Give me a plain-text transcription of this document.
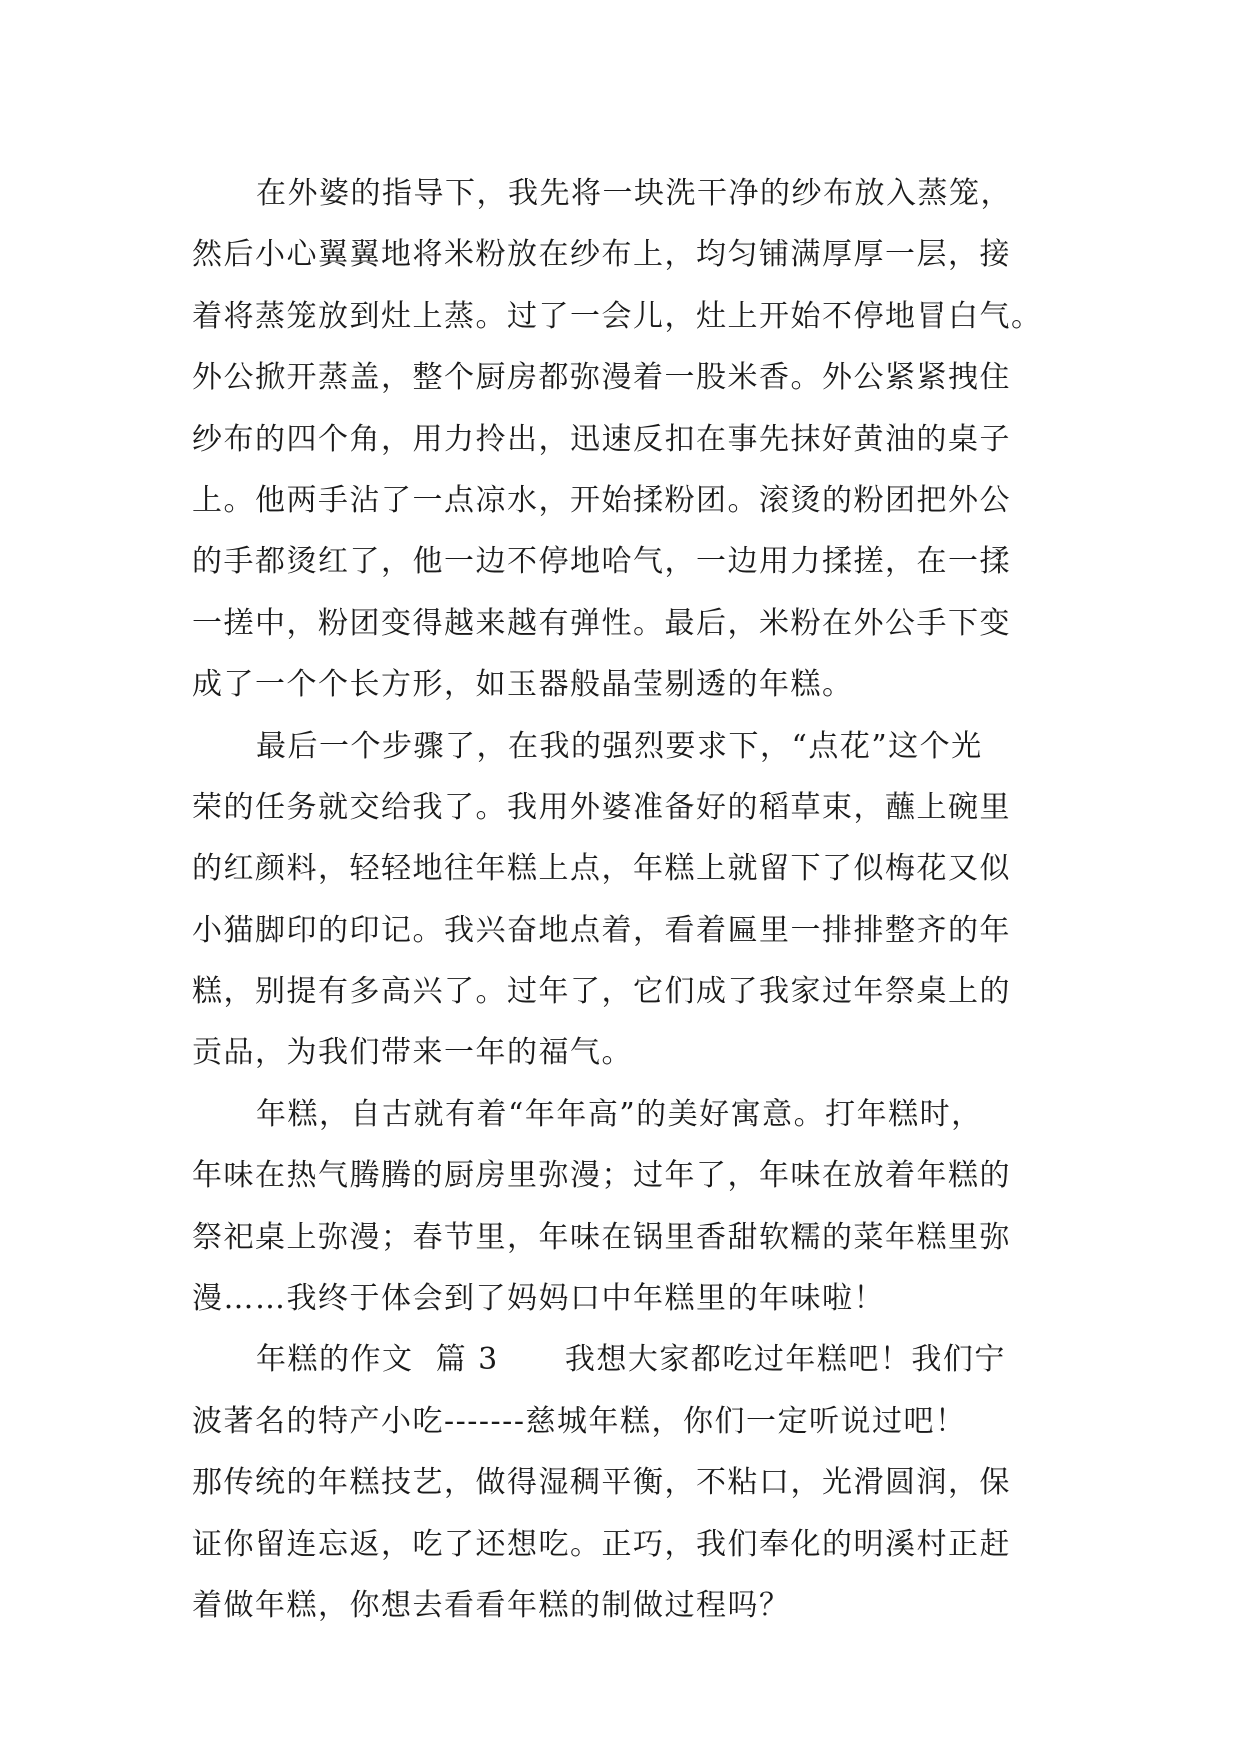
在外婆的指导下，我先将一块洗干净的纱布放入蒸笼，
然后小心翼翼地将米粉放在纱布上，均匀铺满厚厚一层，接
着将蒸笼放到灶上蒸。过了一会儿，灶上开始不停地冒白气。
外公掀开蒸盖，整个厨房都弥漫着一股米香。外公紧紧拽住
纱布的四个角，用力拎出，迅速反扣在事先抹好黄油的桌子
上。他两手沾了一点凉水，开始揉粉团。滚烫的粉团把外公
的手都烫红了，他一边不停地哈气，一边用力揉搓，在一揉
一搓中，粉团变得越来越有弹性。最后，米粉在外公手下变
成了一个个长方形，如玉器般晶莹剔透的年糕。
最后一个步骤了，在我的强烈要求下，“点花”这个光
荣的任务就交给我了。我用外婆准备好的稻草束，蘸上碗里
的红颜料，轻轻地往年糕上点，年糕上就留下了似梅花又似
小猫脚印的印记。我兴奋地点着，看着匾里一排排整齐的年
糕，别提有多高兴了。过年了，它们成了我家过年祭桌上的
贡品，为我们带来一年的福气。
年糕，自古就有着“年年高”的美好寓意。打年糕时，
年味在热气腾腾的厨房里弥漫；过年了，年味在放着年糕的
祭祀桌上弥漫；春节里，年味在锅里香甜软糯的菜年糕里弥
漫……我终于体会到了妈妈口中年糕里的年味啦！
年糕的作文  篇 3      我想大家都吃过年糕吧！我们宁
波著名的特产小吃-------慈城年糕，你们一定听说过吧！
那传统的年糕技艺，做得湿稠平衡，不粘口，光滑圆润，保
证你留连忘返，吃了还想吃。正巧，我们奉化的明溪村正赶
着做年糕，你想去看看年糕的制做过程吗？
